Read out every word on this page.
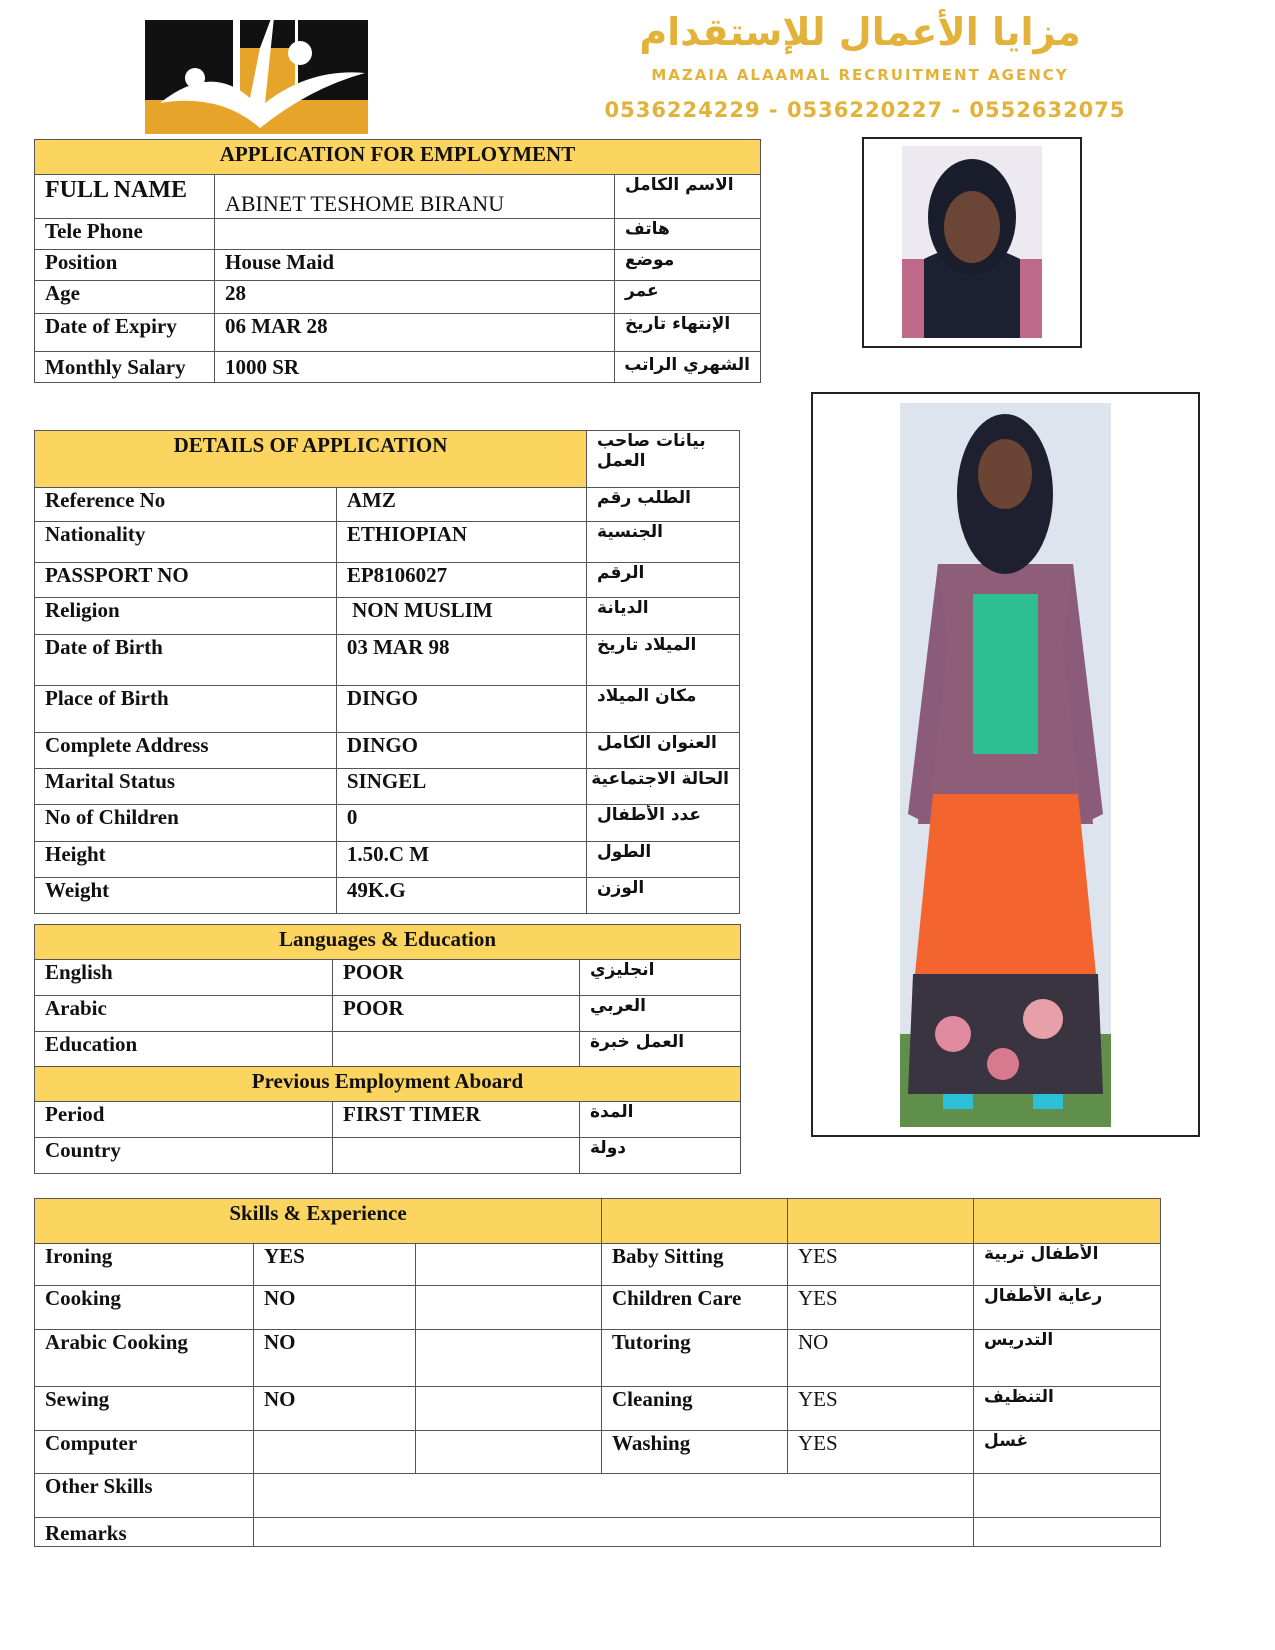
مزايا الأعمال للإستقدام
MAZAIA ALAAMAL RECRUITMENT AGENCY
0536224229 - 0536220227 - 0552632075
APPLICATION FOR EMPLOYMENT		
FULL NAME	ABINET TESHOME BIRANU	الاسم الكامل
Tele Phone		هاتف
Position	House Maid	موضع
Age	28	عمر
Date of Expiry	06 MAR 28	الإنتهاء تاريخ
Monthly Salary	1000 SR	الشهري الراتب
DETAILS OF APPLICATION		بيانات صاحب العمل
Reference No	AMZ	الطلب رقم
Nationality	ETHIOPIAN	الجنسية
PASSPORT NO	EP8106027	الرقم
Religion	NON MUSLIM	الديانة
Date of Birth	03 MAR 98	الميلاد تاريخ
Place of Birth	DINGO	مكان الميلاد
Complete Address	DINGO	العنوان الكامل
Marital Status	SINGEL	الحالة الاجتماعية
No of Children	0	عدد الأطفال
Height	1.50.C M	الطول
Weight	49K.G	الوزن
Languages & Education		
English	POOR	انجليزي
Arabic	POOR	العربي
Education		العمل خبرة
Previous Employment Aboard		
Period	FIRST TIMER	المدة
Country		دولة
Skills & Experience					
Ironing	YES		Baby Sitting	YES	الأطفال تربية
Cooking	NO		Children Care	YES	رعاية الأطفال
Arabic Cooking	NO		Tutoring	NO	التدريس
Sewing	NO		Cleaning	YES	التنظيف
Computer			Washing	YES	غسل
Other Skills					
Remarks					
